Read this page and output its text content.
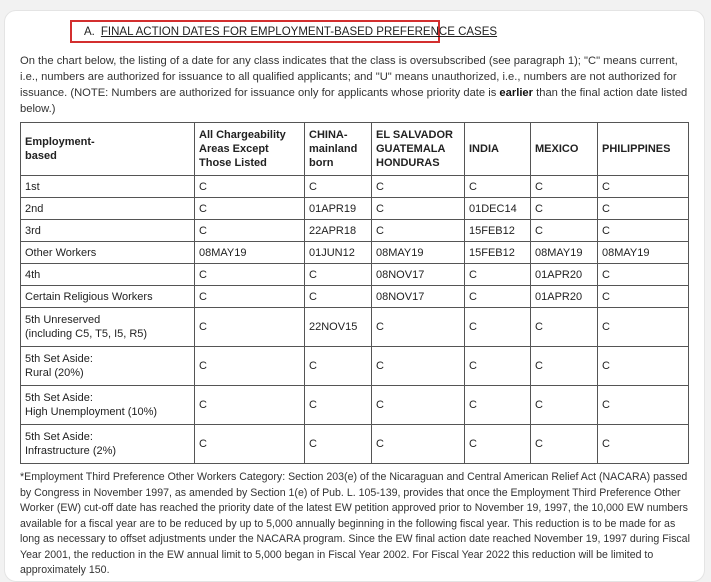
A. FINAL ACTION DATES FOR EMPLOYMENT-BASED PREFERENCE CASES

On the chart below, the listing of a date for any class indicates that the class is oversubscribed (see paragraph 1); "C" means current, i.e., numbers are authorized for issuance to all qualified applicants; and "U" means unauthorized, i.e., numbers are not authorized for issuance. (NOTE: Numbers are authorized for issuance only for applicants whose priority date is earlier than the final action date listed below.)

Employment-
based	All Chargeability
Areas Except
Those Listed	CHINA-
mainland
born	EL SALVADOR
GUATEMALA
HONDURAS	INDIA	MEXICO	PHILIPPINES
1st	C	C	C	C	C	C
2nd	C	01APR19	C	01DEC14	C	C
3rd	C	22APR18	C	15FEB12	C	C
Other Workers	08MAY19	01JUN12	08MAY19	15FEB12	08MAY19	08MAY19
4th	C	C	08NOV17	C	01APR20	C
Certain Religious Workers	C	C	08NOV17	C	01APR20	C
5th Unreserved
(including C5, T5, I5, R5)	C	22NOV15	C	C	C	C
5th Set Aside:
Rural (20%)	C	C	C	C	C	C
5th Set Aside:
High Unemployment (10%)	C	C	C	C	C	C
5th Set Aside:
Infrastructure (2%)	C	C	C	C	C	C

*Employment Third Preference Other Workers Category: Section 203(e) of the Nicaraguan and Central American Relief Act (NACARA) passed by Congress in November 1997, as amended by Section 1(e) of Pub. L. 105-139, provides that once the Employment Third Preference Other Worker (EW) cut-off date has reached the priority date of the latest EW petition approved prior to November 19, 1997, the 10,000 EW numbers available for a fiscal year are to be reduced by up to 5,000 annually beginning in the following fiscal year. This reduction is to be made for as long as necessary to offset adjustments under the NACARA program. Since the EW final action date reached November 19, 1997 during Fiscal Year 2001, the reduction in the EW annual limit to 5,000 began in Fiscal Year 2002. For Fiscal Year 2022 this reduction will be limited to approximately 150.
